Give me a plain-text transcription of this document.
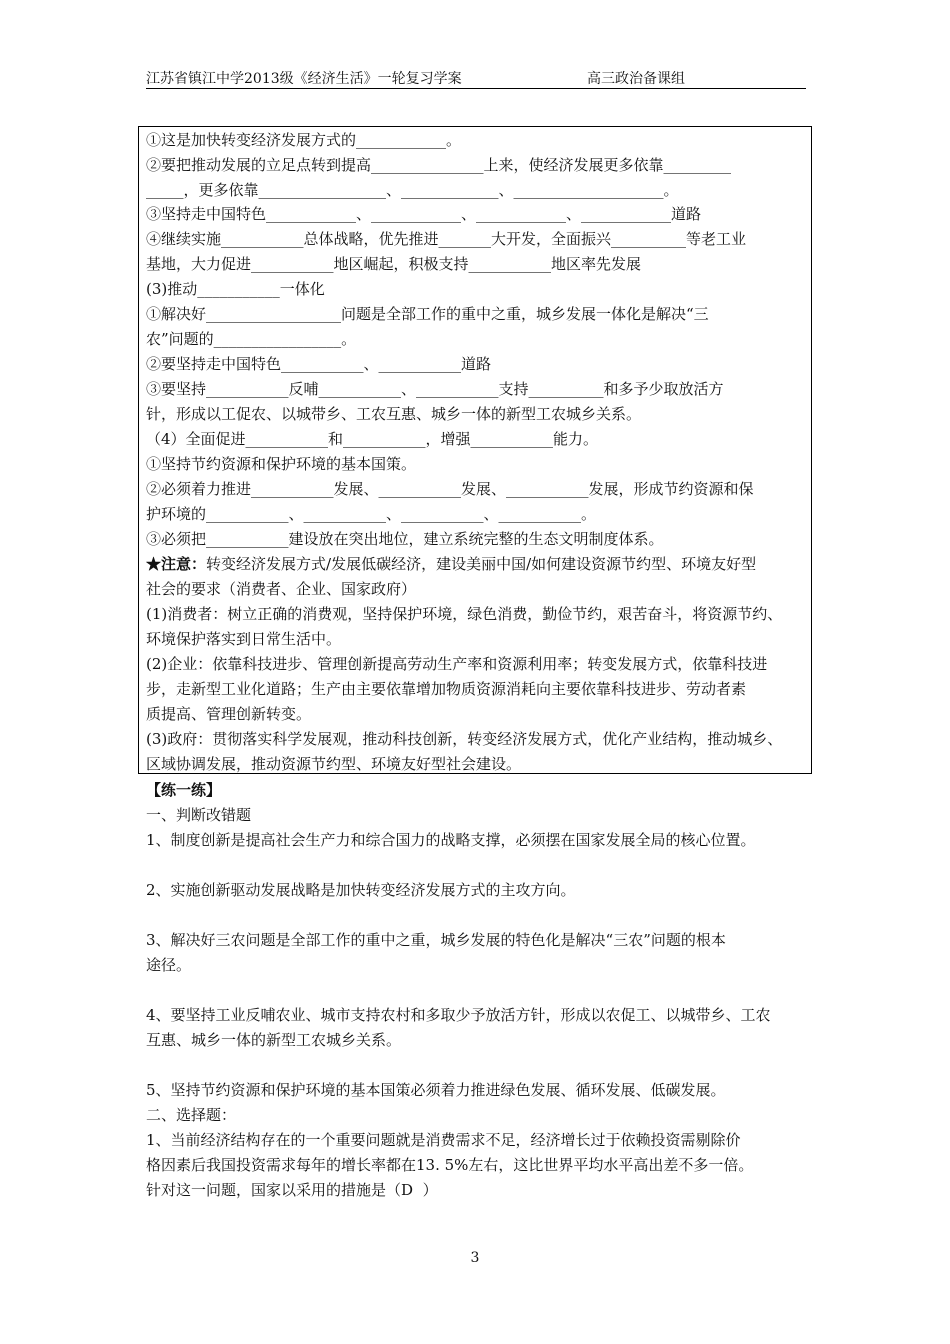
江苏省镇江中学2013级《经济生活》一轮复习学案	高三政治备课组
①这是加快转变经济发展方式的____________。
②要把推动发展的立足点转到提高_______________上来，使经济发展更多依靠_________
_____，更多依靠_________________、_____________、____________________。
③坚持走中国特色____________、____________、____________、____________道路
④继续实施___________总体战略，优先推进_______大开发，全面振兴__________等老工业
基地，大力促进___________地区崛起，积极支持___________地区率先发展
(3)推动___________一体化
①解决好__________________问题是全部工作的重中之重，城乡发展一体化是解决“三
农”问题的_________________。
②要坚持走中国特色___________、___________道路
③要坚持___________反哺___________、___________支持__________和多予少取放活方
针，形成以工促农、以城带乡、工农互惠、城乡一体的新型工农城乡关系。
（4）全面促进___________和___________，增强___________能力。
①坚持节约资源和保护环境的基本国策。
②必须着力推进___________发展、___________发展、___________发展，形成节约资源和保
护环境的___________、___________、___________、___________。
③必须把___________建设放在突出地位，建立系统完整的生态文明制度体系。
★注意：转变经济发展方式/发展低碳经济，建设美丽中国/如何建设资源节约型、环境友好型
社会的要求（消费者、企业、国家政府）
(1)消费者：树立正确的消费观，坚持保护环境，绿色消费，勤俭节约，艰苦奋斗，将资源节约、
环境保护落实到日常生活中。
(2)企业：依靠科技进步、管理创新提高劳动生产率和资源利用率；转变发展方式，依靠科技进
步，走新型工业化道路；生产由主要依靠增加物质资源消耗向主要依靠科技进步、劳动者素
质提高、管理创新转变。
(3)政府：贯彻落实科学发展观，推动科技创新，转变经济发展方式，优化产业结构，推动城乡、
区域协调发展，推动资源节约型、环境友好型社会建设。
【练一练】
一、判断改错题
1、制度创新是提高社会生产力和综合国力的战略支撑，必须摆在国家发展全局的核心位置。
2、实施创新驱动发展战略是加快转变经济发展方式的主攻方向。
3、解决好三农问题是全部工作的重中之重，城乡发展的特色化是解决“三农”问题的根本
途径。
4、要坚持工业反哺农业、城市支持农村和多取少予放活方针，形成以农促工、以城带乡、工农
互惠、城乡一体的新型工农城乡关系。
5、坚持节约资源和保护环境的基本国策必须着力推进绿色发展、循环发展、低碳发展。
二、选择题：
1、当前经济结构存在的一个重要问题就是消费需求不足，经济增长过于依赖投资需剔除价
格因素后我国投资需求每年的增长率都在13. 5%左右，这比世界平均水平高出差不多一倍。
针对这一问题，国家以采用的措施是（D  ）
3
